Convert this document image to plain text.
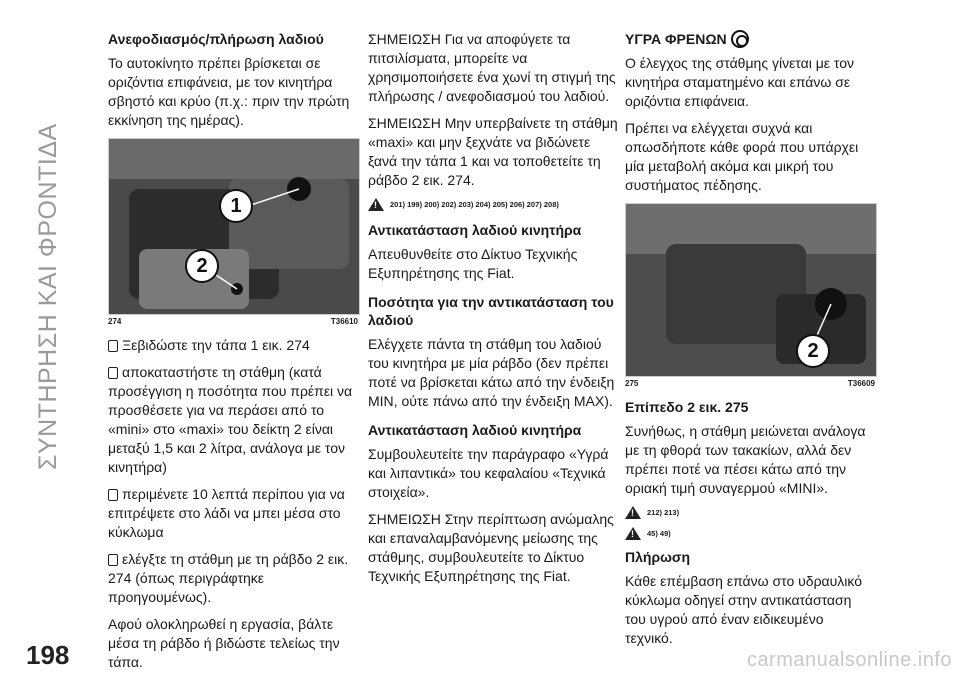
ΣΥΝΤΗΡΗΣΗ ΚΑΙ ΦΡΟΝΤΙΔΑ
Ανεφοδιασμός/πλήρωση λαδιού

Το αυτοκίνητο πρέπει βρίσκεται σε οριζόντια επιφάνεια, με τον κινητήρα σβηστό και κρύο (π.χ.: πριν την πρώτη εκκίνηση της ημέρας).

1
2
274	T36610

Ξεβιδώστε την τάπα 1 εικ. 274

αποκαταστήστε τη στάθμη (κατά προσέγγιση η ποσότητα που πρέπει να προσθέσετε για να περάσει από το «mini» στο «maxi» του δείκτη 2 είναι μεταξύ 1,5 και 2 λίτρα, ανάλογα με τον κινητήρα)

περιμένετε 10 λεπτά περίπου για να επιτρέψετε στο λάδι να μπει μέσα στο κύκλωμα

ελέγξτε τη στάθμη με τη ράβδο 2 εικ. 274 (όπως περιγράφτηκε προηγουμένως).

Αφού ολοκληρωθεί η εργασία, βάλτε μέσα τη ράβδο ή βιδώστε τελείως την τάπα.

ΣΗΜΕΙΩΣΗ Για να αποφύγετε τα πιτσιλίσματα, μπορείτε να χρησιμοποιήσετε ένα χωνί τη στιγμή της πλήρωσης / ανεφοδιασμού του λαδιού.

ΣΗΜΕΙΩΣΗ Μην υπερβαίνετε τη στάθμη «maxi» και μην ξεχνάτε να βιδώνετε ξανά την τάπα 1 και να τοποθετείτε τη ράβδο 2 εικ. 274.

!
201) 199) 200) 202) 203) 204) 205) 206) 207) 208)
Αντικατάσταση λαδιού κινητήρα

Απευθυνθείτε στο Δίκτυο Τεχνικής Εξυπηρέτησης της Fiat.

Ποσότητα για την αντικατάσταση του λαδιού

Ελέγχετε πάντα τη στάθμη του λαδιού του κινητήρα με μία ράβδο (δεν πρέπει ποτέ να βρίσκεται κάτω από την ένδειξη MIN, ούτε πάνω από την ένδειξη MAX).

Αντικατάσταση λαδιού κινητήρα

Συμβουλευτείτε την παράγραφο «Υγρά και λιπαντικά» του κεφαλαίου «Τεχνικά στοιχεία».

ΣΗΜΕΙΩΣΗ Στην περίπτωση ανώμαλης και επαναλαμβανόμενης μείωσης της στάθμης, συμβουλευτείτε το Δίκτυο Τεχνικής Εξυπηρέτησης της Fiat.

ΥΓΡΑ ΦΡΕΝΩΝ

Ο έλεγχος της στάθμης γίνεται με τον κινητήρα σταματημένο και επάνω σε οριζόντια επιφάνεια.

Πρέπει να ελέγχεται συχνά και οπωσδήποτε κάθε φορά που υπάρχει μία μεταβολή ακόμα και μικρή του συστήματος πέδησης.

2
275	T36609
Επίπεδο 2 εικ. 275

Συνήθως, η στάθμη μειώνεται ανάλογα με τη φθορά των τακακίων, αλλά δεν πρέπει ποτέ να πέσει κάτω από την οριακή τιμή συναγερμού «MINI».

!
212) 213)
!
45) 49)
Πλήρωση

Κάθε επέμβαση επάνω στο υδραυλικό κύκλωμα οδηγεί στην αντικατάσταση του υγρού από έναν ειδικευμένο τεχνικό.

198	carmanualsonline.info
